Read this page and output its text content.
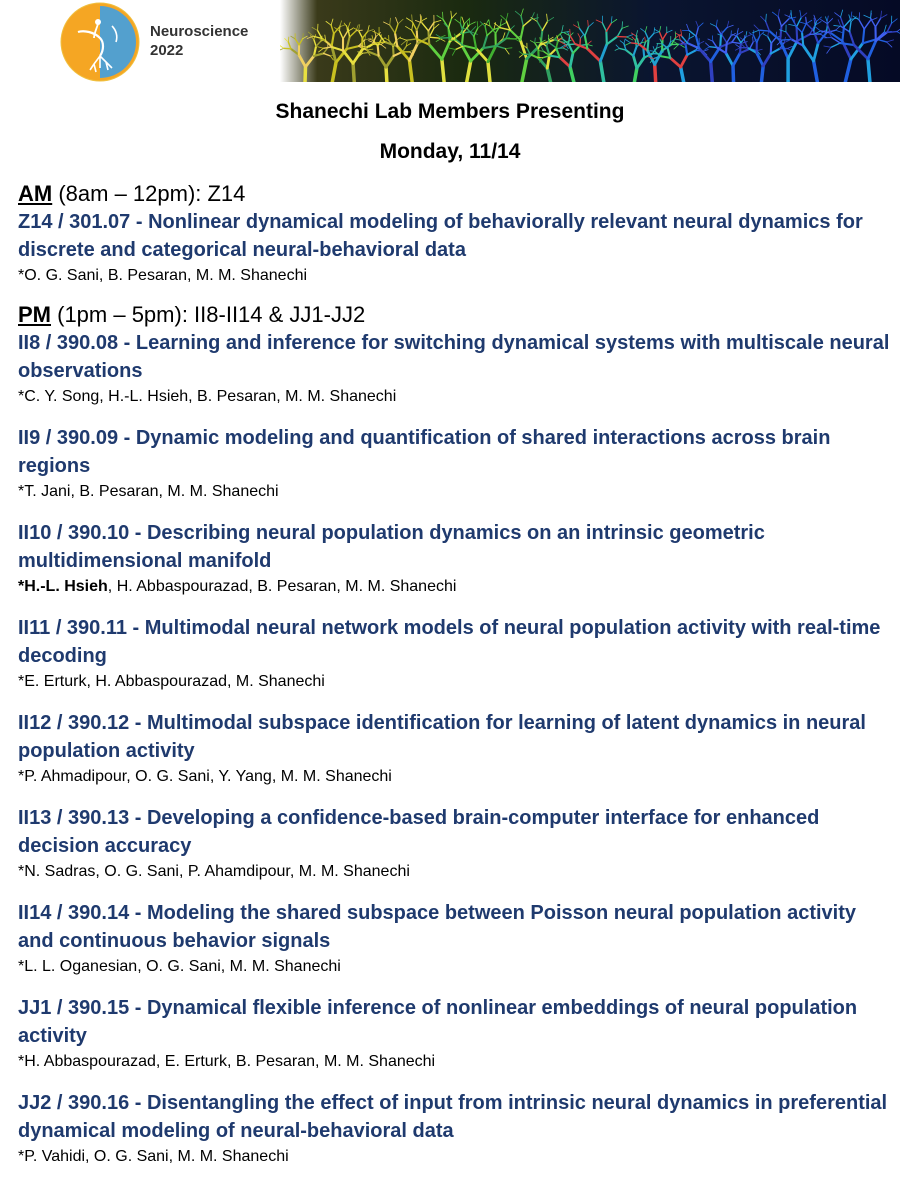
Neuroscience
2022
Shanechi Lab Members Presenting
Monday, 11/14
AM (8am – 12pm): Z14
Z14 / 301.07 - Nonlinear dynamical modeling of behaviorally relevant neural dynamics for discrete and categorical neural-behavioral data
*O. G. Sani, B. Pesaran, M. M. Shanechi
PM (1pm – 5pm): II8-II14 & JJ1-JJ2
II8 / 390.08 - Learning and inference for switching dynamical systems with multiscale neural observations
*C. Y. Song, H.-L. Hsieh, B. Pesaran, M. M. Shanechi
II9 / 390.09 - Dynamic modeling and quantification of shared interactions across brain regions
*T. Jani, B. Pesaran, M. M. Shanechi
II10 / 390.10 - Describing neural population dynamics on an intrinsic geometric multidimensional manifold
*H.-L. Hsieh, H. Abbaspourazad, B. Pesaran, M. M. Shanechi
II11 / 390.11 - Multimodal neural network models of neural population activity with real-time decoding
*E. Erturk, H. Abbaspourazad, M. Shanechi
II12 / 390.12 - Multimodal subspace identification for learning of latent dynamics in neural population activity
*P. Ahmadipour, O. G. Sani, Y. Yang, M. M. Shanechi
II13 / 390.13 - Developing a confidence-based brain-computer interface for enhanced decision accuracy
*N. Sadras, O. G. Sani, P. Ahamdipour, M. M. Shanechi
II14 / 390.14 - Modeling the shared subspace between Poisson neural population activity and continuous behavior signals
*L. L. Oganesian, O. G. Sani, M. M. Shanechi
JJ1 / 390.15 - Dynamical flexible inference of nonlinear embeddings of neural population activity
*H. Abbaspourazad, E. Erturk, B. Pesaran, M. M. Shanechi
JJ2 / 390.16 - Disentangling the effect of input from intrinsic neural dynamics in preferential dynamical modeling of neural-behavioral data
*P. Vahidi, O. G. Sani, M. M. Shanechi
